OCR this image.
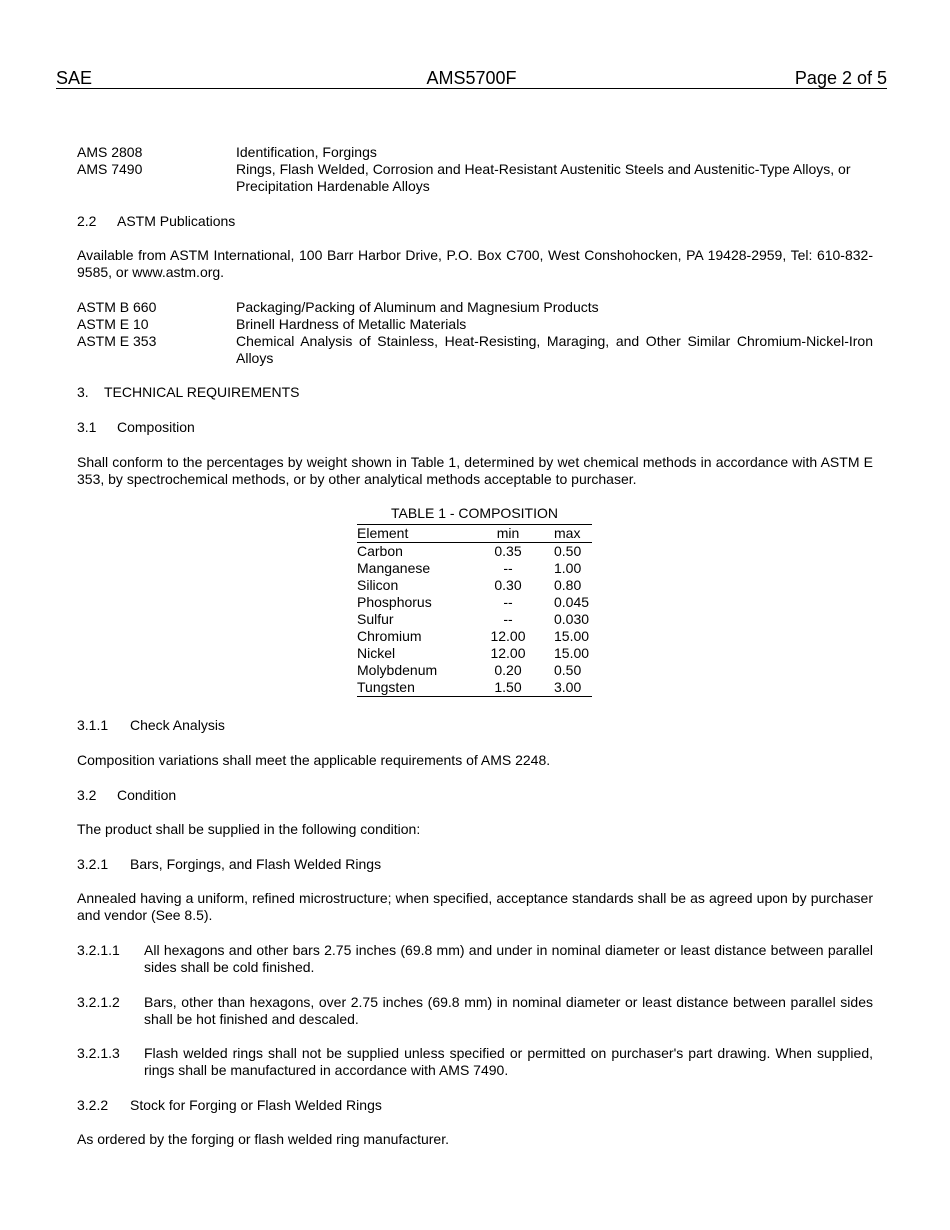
AMS5700F
SAE	Page 2 of 5
AMS 2808	Identification, Forgings
AMS 7490	Rings, Flash Welded, Corrosion and Heat-Resistant Austenitic Steels and Austenitic-Type Alloys, or Precipitation Hardenable Alloys
2.2 ASTM Publications
Available from ASTM International, 100 Barr Harbor Drive, P.O. Box C700, West Conshohocken, PA 19428-2959, Tel: 610-832-9585, or www.astm.org.
ASTM B 660	Packaging/Packing of Aluminum and Magnesium Products
ASTM E 10	Brinell Hardness of Metallic Materials
ASTM E 353	Chemical Analysis of Stainless, Heat-Resisting, Maraging, and Other Similar Chromium-Nickel-Iron Alloys
3. TECHNICAL REQUIREMENTS
3.1 Composition
Shall conform to the percentages by weight shown in Table 1, determined by wet chemical methods in accordance with ASTM E 353, by spectrochemical methods, or by other analytical methods acceptable to purchaser.
TABLE 1 - COMPOSITION
Element	min	max
Carbon	0.35	0.50
Manganese	--	1.00
Silicon	0.30	0.80
Phosphorus	--	0.045
Sulfur	--	0.030
Chromium	12.00	15.00
Nickel	12.00	15.00
Molybdenum	0.20	0.50
Tungsten	1.50	3.00
3.1.1 Check Analysis
Composition variations shall meet the applicable requirements of AMS 2248.
3.2 Condition
The product shall be supplied in the following condition:
3.2.1 Bars, Forgings, and Flash Welded Rings
Annealed having a uniform, refined microstructure; when specified, acceptance standards shall be as agreed upon by purchaser and vendor (See 8.5).
3.2.1.1 All hexagons and other bars 2.75 inches (69.8 mm) and under in nominal diameter or least distance between parallel sides shall be cold finished.
3.2.1.2 Bars, other than hexagons, over 2.75 inches (69.8 mm) in nominal diameter or least distance between parallel sides shall be hot finished and descaled.
3.2.1.3 Flash welded rings shall not be supplied unless specified or permitted on purchaser's part drawing. When supplied, rings shall be manufactured in accordance with AMS 7490.
3.2.2 Stock for Forging or Flash Welded Rings
As ordered by the forging or flash welded ring manufacturer.
